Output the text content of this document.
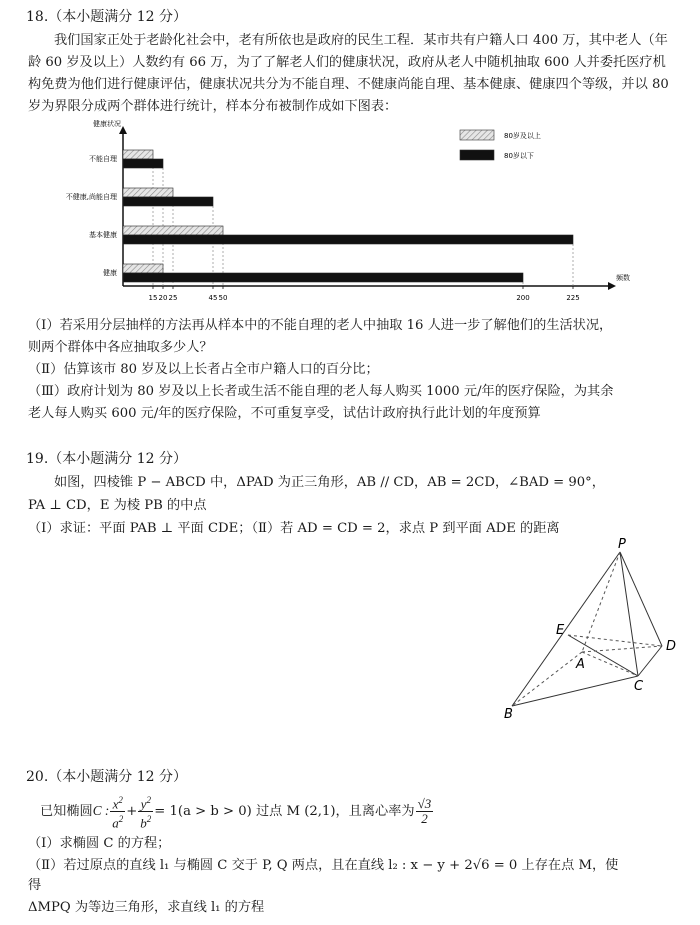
18.（本小题满分 12 分）
我们国家正处于老龄化社会中，老有所依也是政府的民生工程．某市共有户籍人口 400 万，其中老人（年龄 60 岁及以上）人数约有 66 万，为了了解老人们的健康状况，政府从老人中随机抽取 600 人并委托医疗机构免费为他们进行健康评估，健康状况共分为不能自理、不健康尚能自理、基本健康、健康四个等级，并以 80 岁为界限分成两个群体进行统计，样本分布被制作成如下图表：
健康状况
频数
80岁及以上
80岁以下
不能自理
不健康,尚能自理
基本健康
健康
15 20 25	45 50	200	225
（Ⅰ）若采用分层抽样的方法再从样本中的不能自理的老人中抽取 16 人进一步了解他们的生活状况，
则两个群体中各应抽取多少人？
（Ⅱ）估算该市 80 岁及以上长者占全市户籍人口的百分比；
（Ⅲ）政府计划为 80 岁及以上长者或生活不能自理的老人每人购买 1000 元/年的医疗保险，为其余
老人每人购买 600 元/年的医疗保险，不可重复享受，试估计政府执行此计划的年度预算
19.（本小题满分 12 分）
如图，四棱锥 P − ABCD 中，ΔPAD 为正三角形，AB // CD，AB = 2CD，∠BAD = 90°，
PA ⊥ CD，E 为棱 PB 的中点
（Ⅰ）求证：平面 PAB ⊥ 平面 CDE；（Ⅱ）若 AD = CD = 2，求点 P 到平面 ADE 的距离
P
E
A
D
C
B
20.（本小题满分 12 分）
已知椭圆C : $\frac{x^2}{a^2} + \frac{y^2}{b^2} = 1(a > b > 0)$ 过点 M (2,1)，且离心率为 $\frac{√3}{2}$
（Ⅰ）求椭圆 C 的方程；
（Ⅱ）若过原点的直线 l₁ 与椭圆 C 交于 P, Q 两点，且在直线 l₂ : x − y + 2√6 = 0 上存在点 M，使
得
ΔMPQ 为等边三角形，求直线 l₁ 的方程
